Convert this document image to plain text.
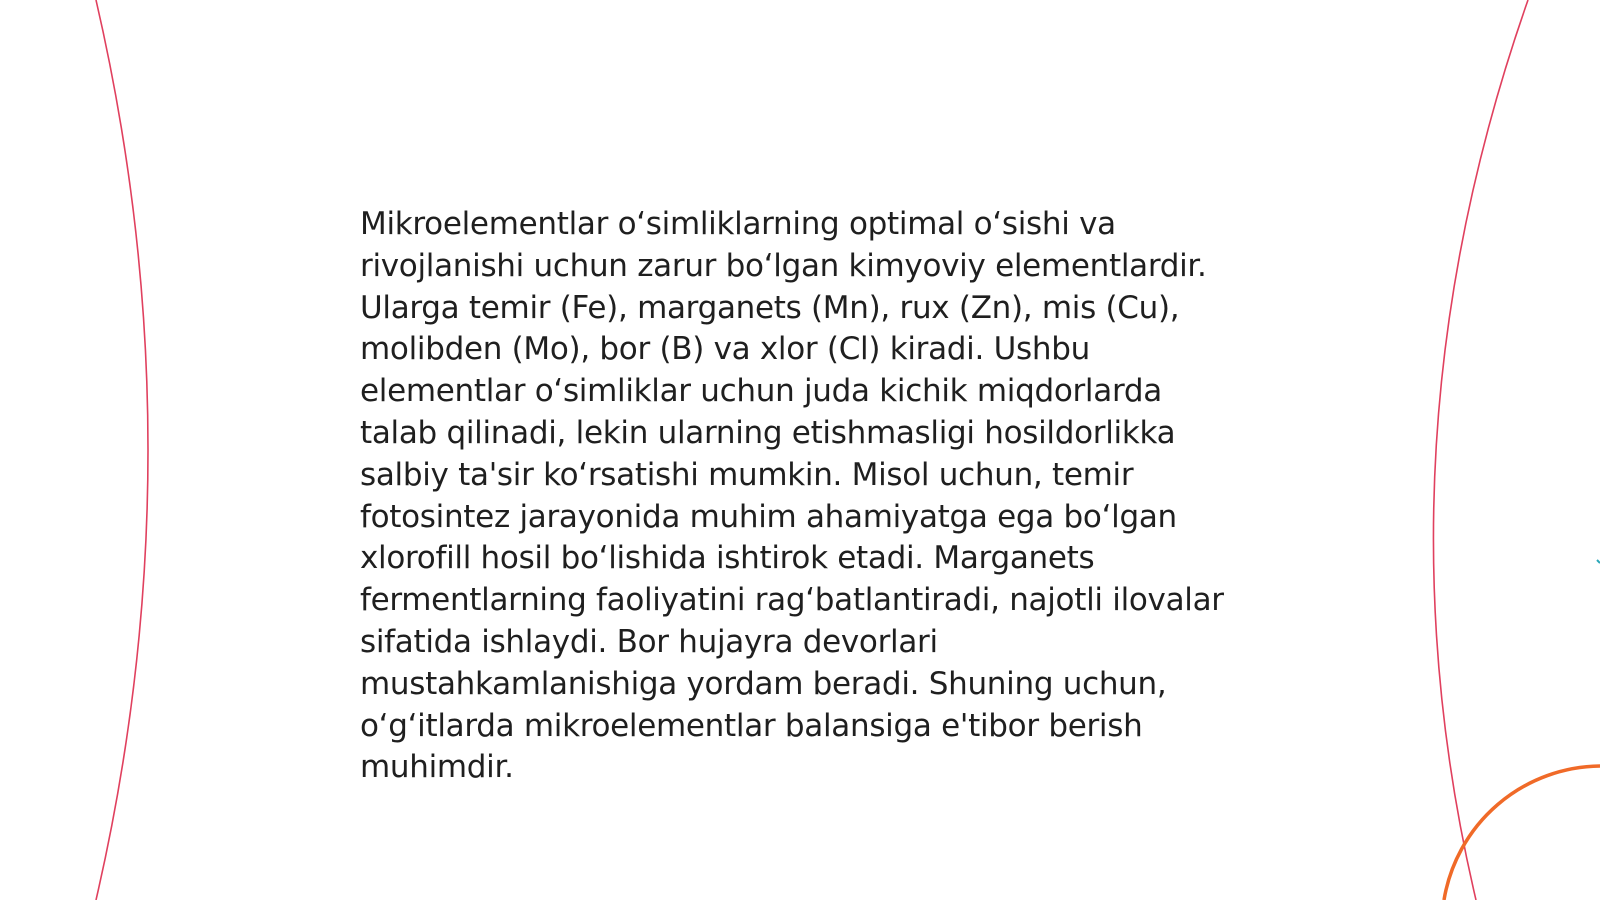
Mikroelementlar o‘simliklarning optimal o‘sishi va rivojlanishi uchun zarur bo‘lgan kimyoviy elementlardir. Ularga temir (Fe), marganets (Mn), rux (Zn), mis (Cu), molibden (Mo), bor (B) va xlor (Cl) kiradi. Ushbu elementlar o‘simliklar uchun juda kichik miqdorlarda talab qilinadi, lekin ularning etishmasligi hosildorlikka salbiy ta'sir ko‘rsatishi mumkin. Misol uchun, temir fotosintez jarayonida muhim ahamiyatga ega bo‘lgan xlorofill hosil bo‘lishida ishtirok etadi. Marganets fermentlarning faoliyatini rag‘batlantiradi, najotli ilovalar sifatida ishlaydi. Bor hujayra devorlari mustahkamlanishiga yordam beradi. Shuning uchun, o‘g‘itlarda mikroelementlar balansiga e'tibor berish muhimdir.
